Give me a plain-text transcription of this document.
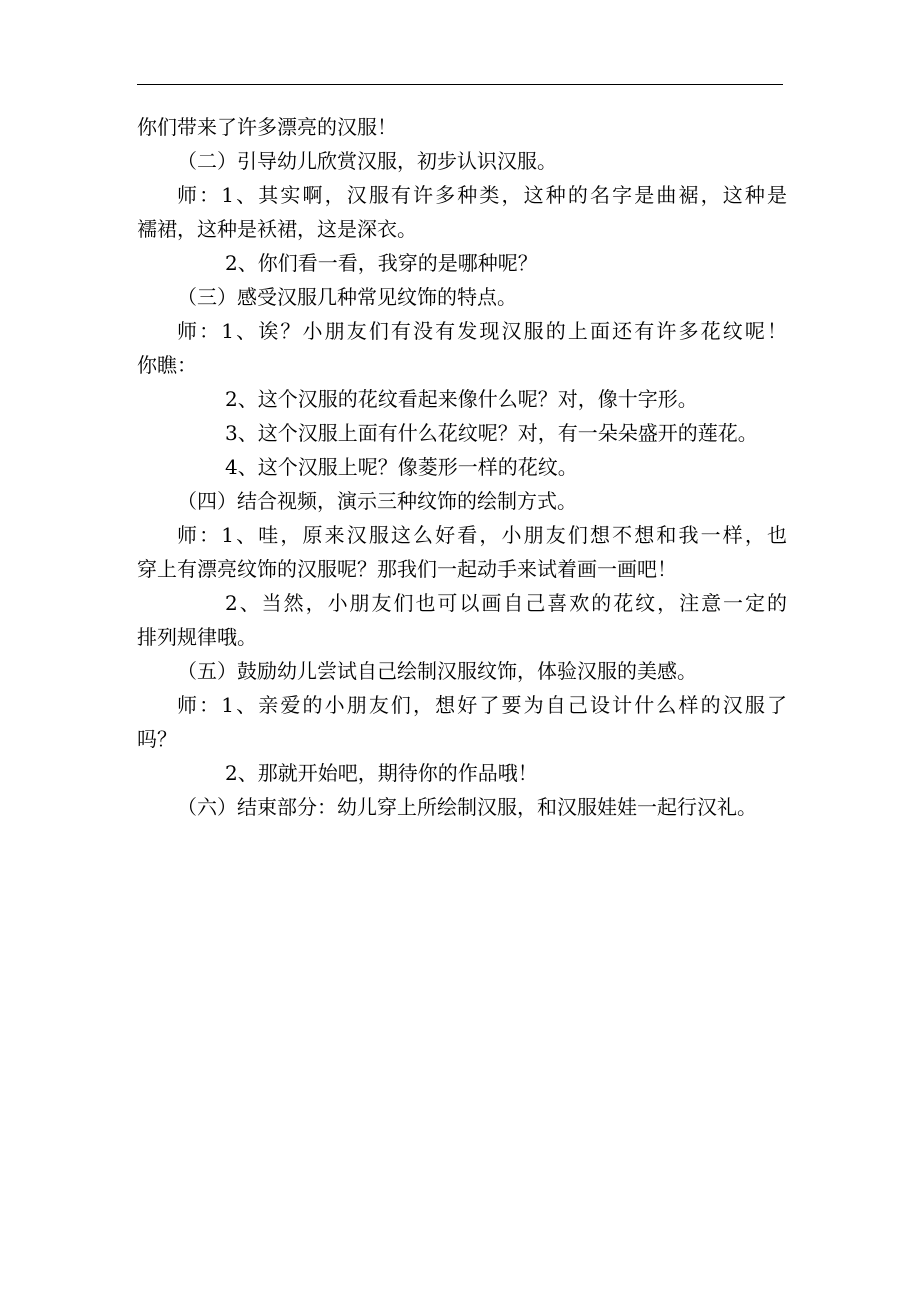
你们带来了许多漂亮的汉服！
（二）引导幼儿欣赏汉服，初步认识汉服。
师：1、其实啊，汉服有许多种类，这种的名字是曲裾，这种是
襦裙，这种是袄裙，这是深衣。
2、你们看一看，我穿的是哪种呢？
（三）感受汉服几种常见纹饰的特点。
师：1、诶？小朋友们有没有发现汉服的上面还有许多花纹呢！
你瞧：
2、这个汉服的花纹看起来像什么呢？对，像十字形。
3、这个汉服上面有什么花纹呢？对，有一朵朵盛开的莲花。
4、这个汉服上呢？像菱形一样的花纹。
（四）结合视频，演示三种纹饰的绘制方式。
师：1、哇，原来汉服这么好看，小朋友们想不想和我一样，也
穿上有漂亮纹饰的汉服呢？那我们一起动手来试着画一画吧！
2、当然，小朋友们也可以画自己喜欢的花纹，注意一定的
排列规律哦。
（五）鼓励幼儿尝试自己绘制汉服纹饰，体验汉服的美感。
师：1、亲爱的小朋友们，想好了要为自己设计什么样的汉服了
吗？
2、那就开始吧，期待你的作品哦！
（六）结束部分：幼儿穿上所绘制汉服，和汉服娃娃一起行汉礼。
